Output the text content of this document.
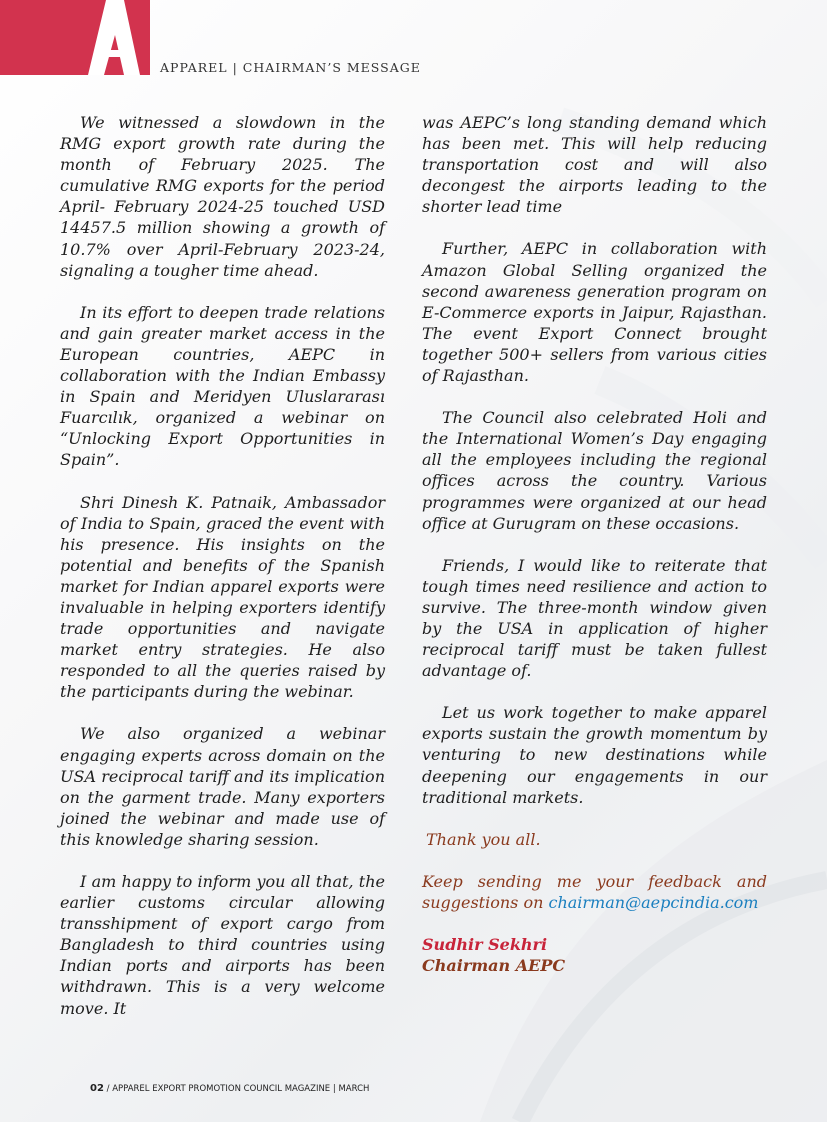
APPAREL | CHAIRMAN’S MESSAGE

We witnessed a slowdown in the RMG export growth rate during the month of February 2025. The cumulative RMG exports for the period April- February 2024-25 touched USD 14457.5 million showing a growth of 10.7% over April-February 2023-24, signaling a tougher time ahead.

In its effort to deepen trade relations and gain greater market access in the European countries, AEPC in collaboration with the Indian Embassy in Spain and Meridyen Uluslararası Fuarcılık, organized a webinar on “Unlocking Export Opportunities in Spain”.

Shri Dinesh K. Patnaik, Ambassador of India to Spain, graced the event with his presence. His insights on the potential and benefits of the Spanish market for Indian apparel exports were invaluable in helping exporters identify trade opportunities and navigate market entry strategies. He also responded to all the queries raised by the participants during the webinar.

We also organized a webinar engaging experts across domain on the USA reciprocal tariff and its implication on the garment trade. Many exporters joined the webinar and made use of this knowledge sharing session.

I am happy to inform you all that, the earlier customs circular allowing transshipment of export cargo from Bangladesh to third countries using Indian ports and airports has been withdrawn. This is a very welcome move. It

was AEPC’s long standing demand which has been met. This will help reducing transportation cost and will also decongest the airports leading to the shorter lead time

Further, AEPC in collaboration with Amazon Global Selling organized the second awareness generation program on E-Commerce exports in Jaipur, Rajasthan. The event Export Connect brought together 500+ sellers from various cities of Rajasthan.

The Council also celebrated Holi and the International Women’s Day engaging all the employees including the regional offices across the country. Various programmes were organized at our head office at Gurugram on these occasions.

Friends, I would like to reiterate that tough times need resilience and action to survive. The three-month window given by the USA in application of higher reciprocal tariff must be taken fullest advantage of.

Let us work together to make apparel exports sustain the growth momentum by venturing to new destinations while deepening our engagements in our traditional markets.

Thank you all.

Keep sending me your feedback and suggestions on chairman@aepcindia.com

Sudhir Sekhri
Chairman AEPC
02 / APPAREL EXPORT PROMOTION COUNCIL MAGAZINE | MARCH
